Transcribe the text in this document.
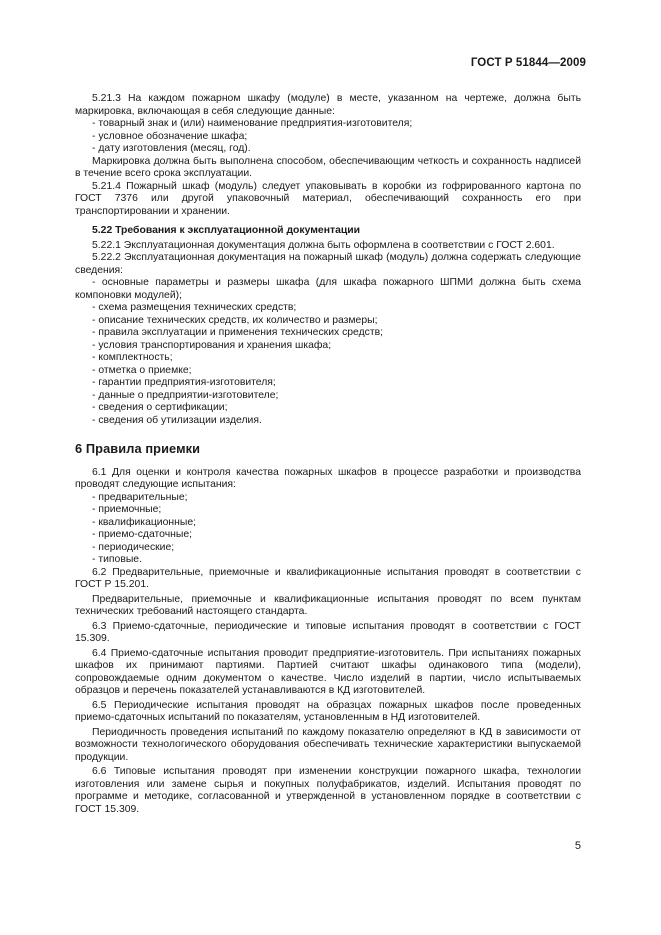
ГОСТ Р 51844—2009

5.21.3 На каждом пожарном шкафу (модуле) в месте, указанном на чертеже, должна быть маркировка, включающая в себя следующие данные:

- товарный знак и (или) наименование предприятия-изготовителя;

- условное обозначение шкафа;

- дату изготовления (месяц, год).

Маркировка должна быть выполнена способом, обеспечивающим четкость и сохранность надписей в течение всего срока эксплуатации.

5.21.4 Пожарный шкаф (модуль) следует упаковывать в коробки из гофрированного картона по ГОСТ 7376 или другой упаковочный материал, обеспечивающий сохранность его при транспортировании и хранении.

5.22 Требования к эксплуатационной документации

5.22.1 Эксплуатационная документация должна быть оформлена в соответствии с ГОСТ 2.601.

5.22.2 Эксплуатационная документация на пожарный шкаф (модуль) должна содержать следующие сведения:

- основные параметры и размеры шкафа (для шкафа пожарного ШПМИ должна быть схема компоновки модулей);

- схема размещения технических средств;

- описание технических средств, их количество и размеры;

- правила эксплуатации и применения технических средств;

- условия транспортирования и хранения шкафа;

- комплектность;

- отметка о приемке;

- гарантии предприятия-изготовителя;

- данные о предприятии-изготовителе;

- сведения о сертификации;

- сведения об утилизации изделия.

6 Правила приемки

6.1 Для оценки и контроля качества пожарных шкафов в процессе разработки и производства проводят следующие испытания:

- предварительные;

- приемочные;

- квалификационные;

- приемо-сдаточные;

- периодические;

- типовые.

6.2 Предварительные, приемочные и квалификационные испытания проводят в соответствии с ГОСТ Р 15.201.

Предварительные, приемочные и квалификационные испытания проводят по всем пунктам технических требований настоящего стандарта.

6.3 Приемо-сдаточные, периодические и типовые испытания проводят в соответствии с ГОСТ 15.309.

6.4 Приемо-сдаточные испытания проводит предприятие-изготовитель. При испытаниях пожарных шкафов их принимают партиями. Партией считают шкафы одинакового типа (модели), сопровождаемые одним документом о качестве. Число изделий в партии, число испытываемых образцов и перечень показателей устанавливаются в КД изготовителей.

6.5 Периодические испытания проводят на образцах пожарных шкафов после проведенных приемо-сдаточных испытаний по показателям, установленным в НД изготовителей.

Периодичность проведения испытаний по каждому показателю определяют в КД в зависимости от возможности технологического оборудования обеспечивать технические характеристики выпускаемой продукции.

6.6 Типовые испытания проводят при изменении конструкции пожарного шкафа, технологии изготовления или замене сырья и покупных полуфабрикатов, изделий. Испытания проводят по программе и методике, согласованной и утвержденной в установленном порядке в соответствии с ГОСТ 15.309.

5
